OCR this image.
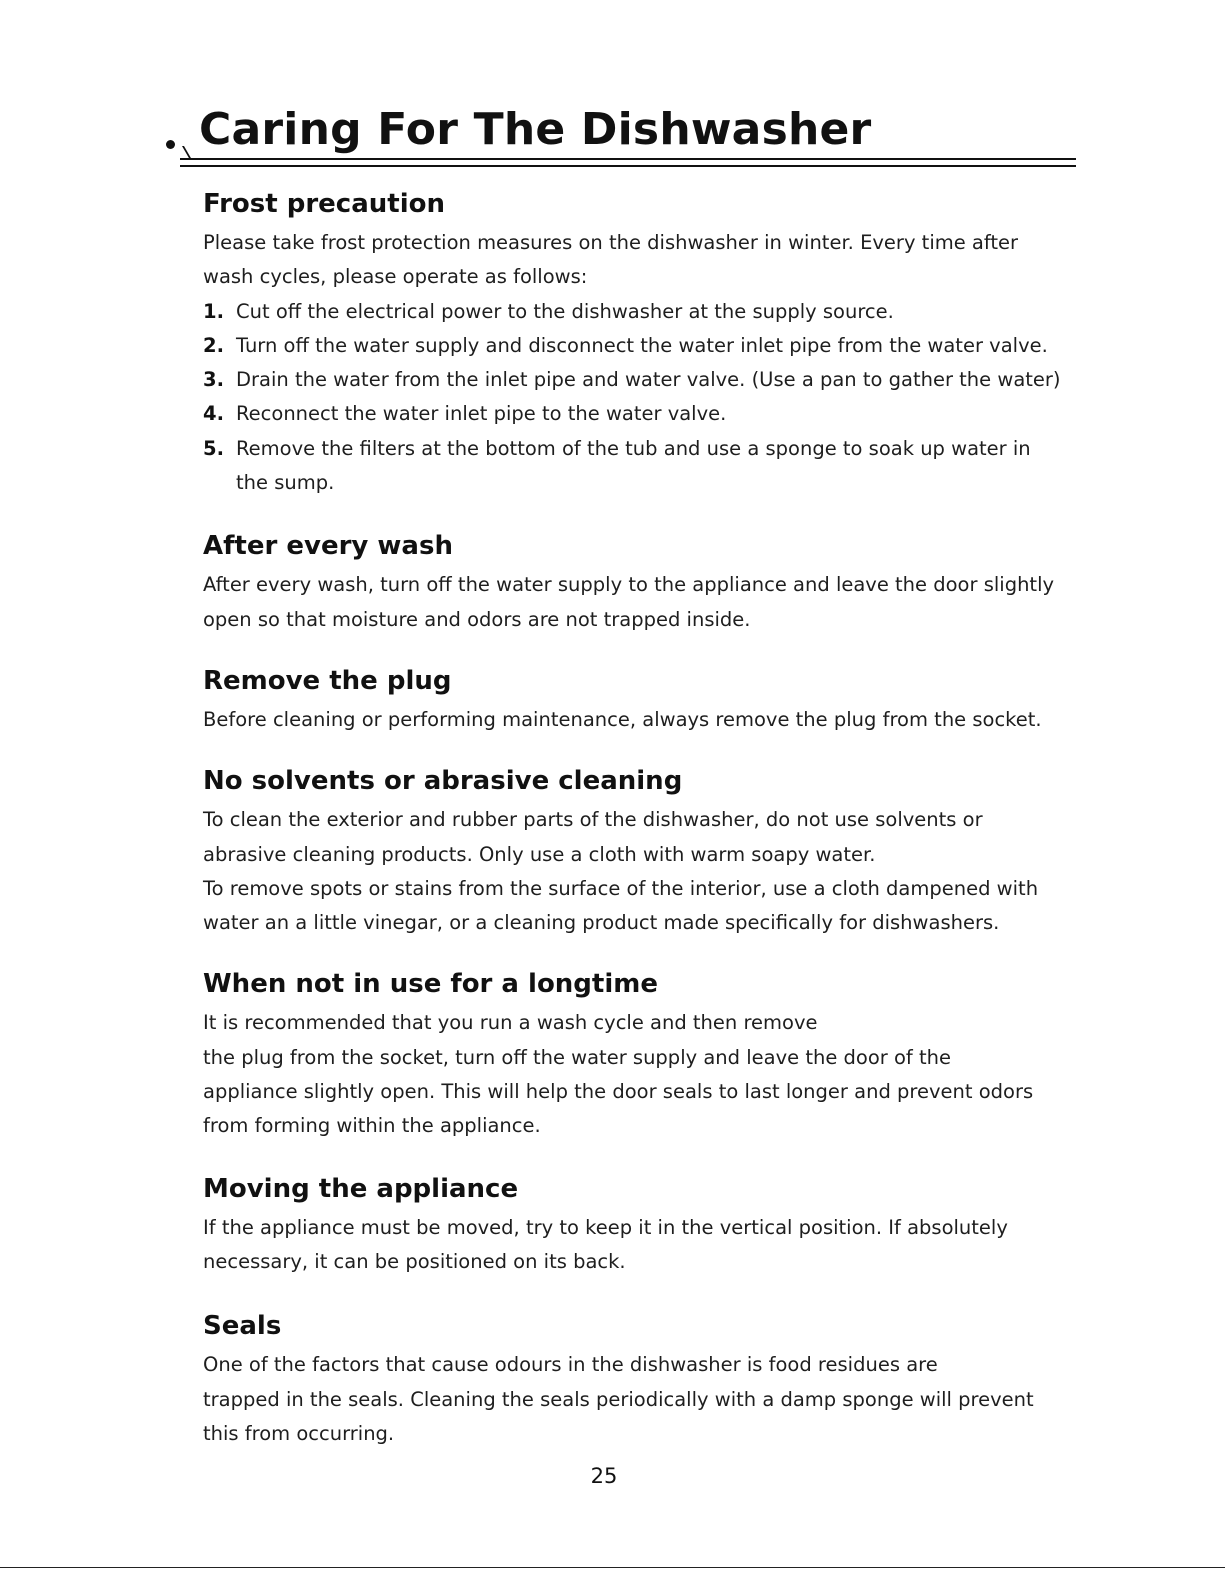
Caring For The Dishwasher
Frost precaution

Please take frost protection measures on the dishwasher in winter. Every time after

wash cycles, please operate as follows:

1. Cut off the electrical power to the dishwasher at the supply source.
2. Turn off the water supply and disconnect the water inlet pipe from the water valve.
3. Drain the water from the inlet pipe and water valve. (Use a pan to gather the water)
4. Reconnect the water inlet pipe to the water valve.
5. Remove the filters at the bottom of the tub and use a sponge to soak up water in
the sump.
After every wash

After every wash, turn off the water supply to the appliance and leave the door slightly

open so that moisture and odors are not trapped inside.

Remove the plug

Before cleaning or performing maintenance, always remove the plug from the socket.

No solvents or abrasive cleaning

To clean the exterior and rubber parts of the dishwasher, do not use solvents or

abrasive cleaning products. Only use a cloth with warm soapy water.

To remove spots or stains from the surface of the interior, use a cloth dampened with

water an a little vinegar, or a cleaning product made specifically for dishwashers.

When not in use for a longtime

It is recommended that you run a wash cycle and then remove

the plug from the socket, turn off the water supply and leave the door of the

appliance slightly open. This will help the door seals to last longer and prevent odors

from forming within the appliance.

Moving the appliance

If the appliance must be moved, try to keep it in the vertical position. If absolutely

necessary, it can be positioned on its back.

Seals

One of the factors that cause odours in the dishwasher is food residues are

trapped in the seals. Cleaning the seals periodically with a damp sponge will prevent

this from occurring.

25
